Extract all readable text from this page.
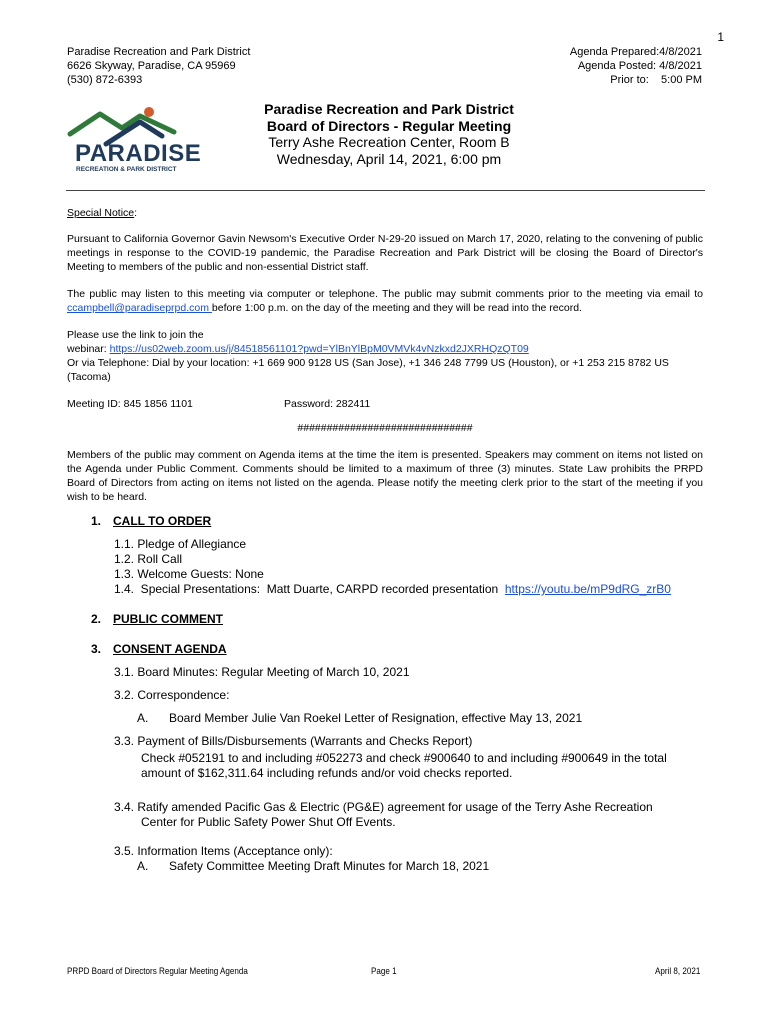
1
Paradise Recreation and Park District
6626 Skyway, Paradise, CA 95969
(530) 872-6393
Agenda Prepared:4/8/2021
Agenda Posted: 4/8/2021
Prior to:    5:00 PM
PARADISE
RECREATION & PARK DISTRICT
Paradise Recreation and Park District
Board of Directors - Regular Meeting
Terry Ashe Recreation Center, Room B
Wednesday, April 14, 2021, 6:00 pm

Special Notice:

Pursuant to California Governor Gavin Newsom's Executive Order N-29-20 issued on March 17, 2020, relating to the convening of public meetings in response to the COVID-19 pandemic, the Paradise Recreation and Park District will be closing the Board of Director's Meeting to members of the public and non-essential District staff.

The public may listen to this meeting via computer or telephone. The public may submit comments prior to the meeting via email to ccampbell@paradiseprpd.com before 1:00 p.m. on the day of the meeting and they will be read into the record.

Please use the link to join the
webinar: https://us02web.zoom.us/j/84518561101?pwd=YlBnYlBpM0VMVk4vNzkxd2JXRHQzQT09
Or via Telephone: Dial by your location: +1 669 900 9128 US (San Jose), +1 346 248 7799 US (Houston), or +1 253 215 8782 US (Tacoma)

Meeting ID: 845 1856 1101	Password: 282411

##############################

Members of the public may comment on Agenda items at the time the item is presented. Speakers may comment on items not listed on the Agenda under Public Comment. Comments should be limited to a maximum of three (3) minutes. State Law prohibits the PRPD Board of Directors from acting on items not listed on the agenda. Please notify the meeting clerk prior to the start of the meeting if you wish to be heard.

1. CALL TO ORDER
1.1. Pledge of Allegiance
1.2. Roll Call
1.3. Welcome Guests: None
1.4.  Special Presentations:  Matt Duarte, CARPD recorded presentation  https://youtu.be/mP9dRG_zrB0
2. PUBLIC COMMENT
3. CONSENT AGENDA
3.1. Board Minutes: Regular Meeting of March 10, 2021
3.2. Correspondence:
A. Board Member Julie Van Roekel Letter of Resignation, effective May 13, 2021
3.3. Payment of Bills/Disbursements (Warrants and Checks Report)
Check #052191 to and including #052273 and check #900640 to and including #900649 in the total amount of $162,311.64 including refunds and/or void checks reported.
3.4. Ratify amended Pacific Gas & Electric (PG&E) agreement for usage of the Terry Ashe Recreation
Center for Public Safety Power Shut Off Events.
3.5. Information Items (Acceptance only):
A. Safety Committee Meeting Draft Minutes for March 18, 2021
PRPD Board of Directors Regular Meeting Agenda	Page 1	April 8, 2021
